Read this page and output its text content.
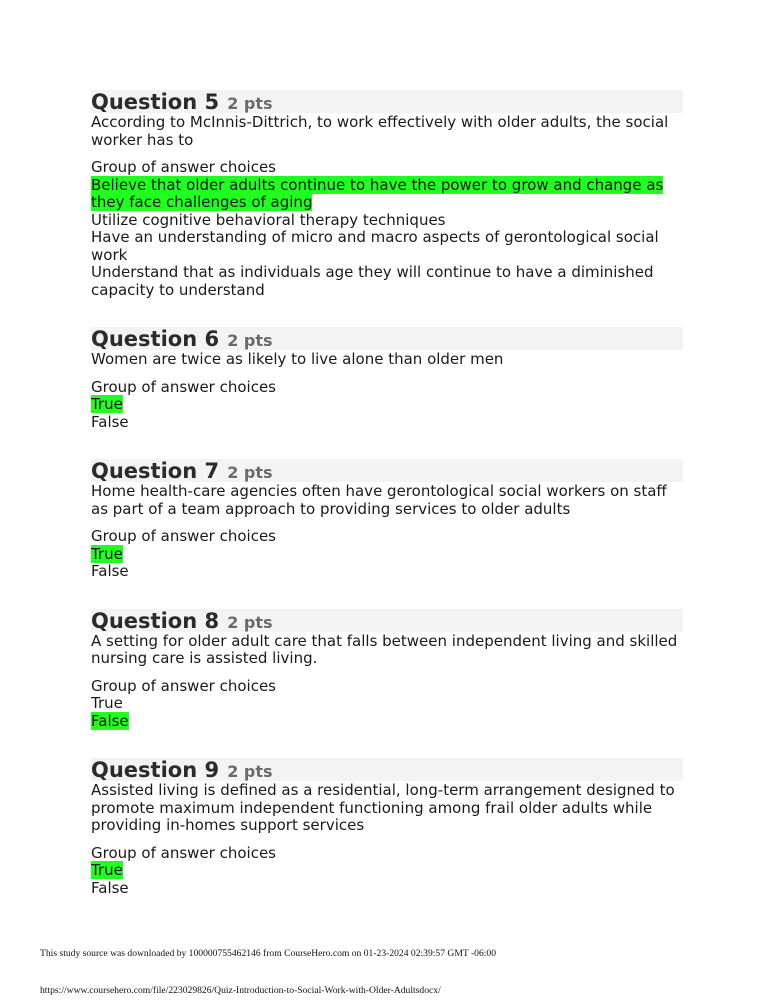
Question 5 2 pts
According to McInnis-Dittrich, to work effectively with older adults, the social worker has to
Group of answer choices
Believe that older adults continue to have the power to grow and change as they face challenges of aging
Utilize cognitive behavioral therapy techniques
Have an understanding of micro and macro aspects of gerontological social work
Understand that as individuals age they will continue to have a diminished capacity to understand
Question 6 2 pts
Women are twice as likely to live alone than older men
Group of answer choices
True
False
Question 7 2 pts
Home health-care agencies often have gerontological social workers on staff as part of a team approach to providing services to older adults
Group of answer choices
True
False
Question 8 2 pts
A setting for older adult care that falls between independent living and skilled nursing care is assisted living.
Group of answer choices
True
False
Question 9 2 pts
Assisted living is defined as a residential, long-term arrangement designed to promote maximum independent functioning among frail older adults while providing in-homes support services
Group of answer choices
True
False
This study source was downloaded by 100000755462146 from CourseHero.com on 01-23-2024 02:39:57 GMT -06:00
https://www.coursehero.com/file/223029826/Quiz-Introduction-to-Social-Work-with-Older-Adultsdocx/
